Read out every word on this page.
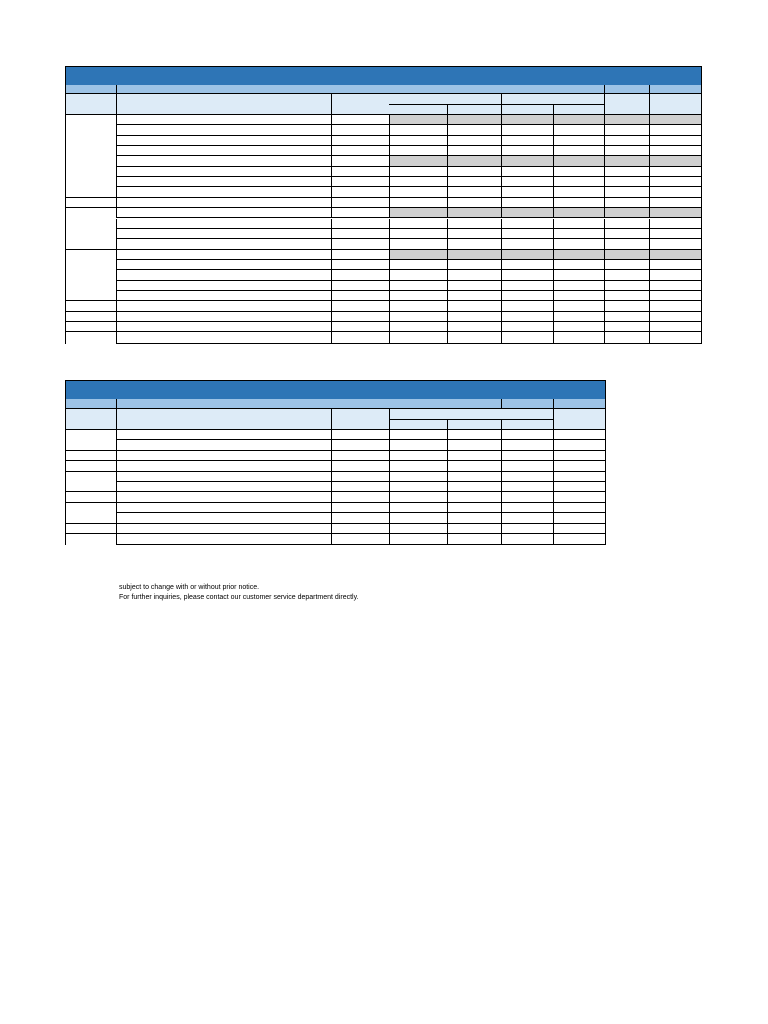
subject to change with or without prior notice.
For further inquiries, please contact our customer service department directly.
